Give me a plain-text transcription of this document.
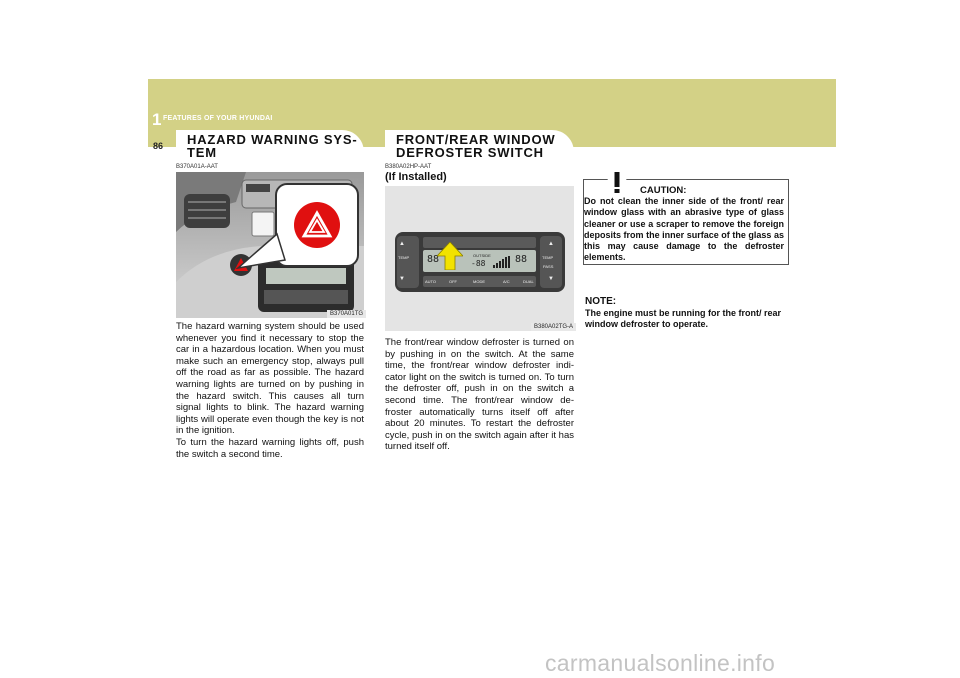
1 FEATURES OF YOUR HYUNDAI
86 HAZARD WARNING SYS-
TEM
B370A01A-AAT
B370A01TG

The hazard warning system should be used whenever you find it necessary to stop the car in a hazardous location. When you must make such an emergency stop, always pull off the road as far as possible. The hazard warning lights are turned on by pushing in the hazard switch. This causes all turn signal lights to blink. The hazard warning lights will operate even though the key is not in the ignition.

To turn the hazard warning lights off, push the switch a second time.

FRONT/REAR WINDOW
DEFROSTER SWITCH
B380A02HP-AAT
(If Installed)
▲
TEMP
▼
▲
TEMP
PASS
▼
88	OUTSIDE
-88	88
AUTO	OFF	MODE	A/C	DUAL
B380A02TG-A

The front/rear window defroster is turned on by pushing in on the switch. At the same time, the front/rear window defroster indi-cator light on the switch is turned on. To turn the defroster off, push in on the switch a second time. The front/rear window de-froster automatically turns itself off after about 20 minutes. To restart the defroster cycle, push in on the switch again after it has turned itself off.

CAUTION:

Do not clean the inner side of the front/ rear window glass with an abrasive type of glass cleaner or use a scraper to remove the foreign deposits from the inner surface of the glass as this may cause damage to the defroster elements.

NOTE:

The engine must be running for the front/ rear window defroster to operate.

carmanualsonline.info
